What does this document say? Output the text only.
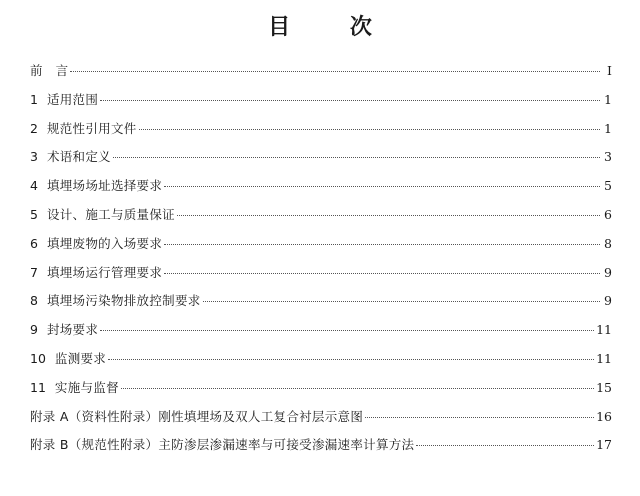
目 次
前　言	I
1 适用范围	1
2 规范性引用文件	1
3 术语和定义	3
4 填埋场场址选择要求	5
5 设计、施工与质量保证	6
6 填埋废物的入场要求	8
7 填埋场运行管理要求	9
8 填埋场污染物排放控制要求	9
9 封场要求	11
10 监测要求	11
11 实施与监督	15
附录 A（资料性附录）刚性填埋场及双人工复合衬层示意图	16
附录 B（规范性附录）主防渗层渗漏速率与可接受渗漏速率计算方法	17
